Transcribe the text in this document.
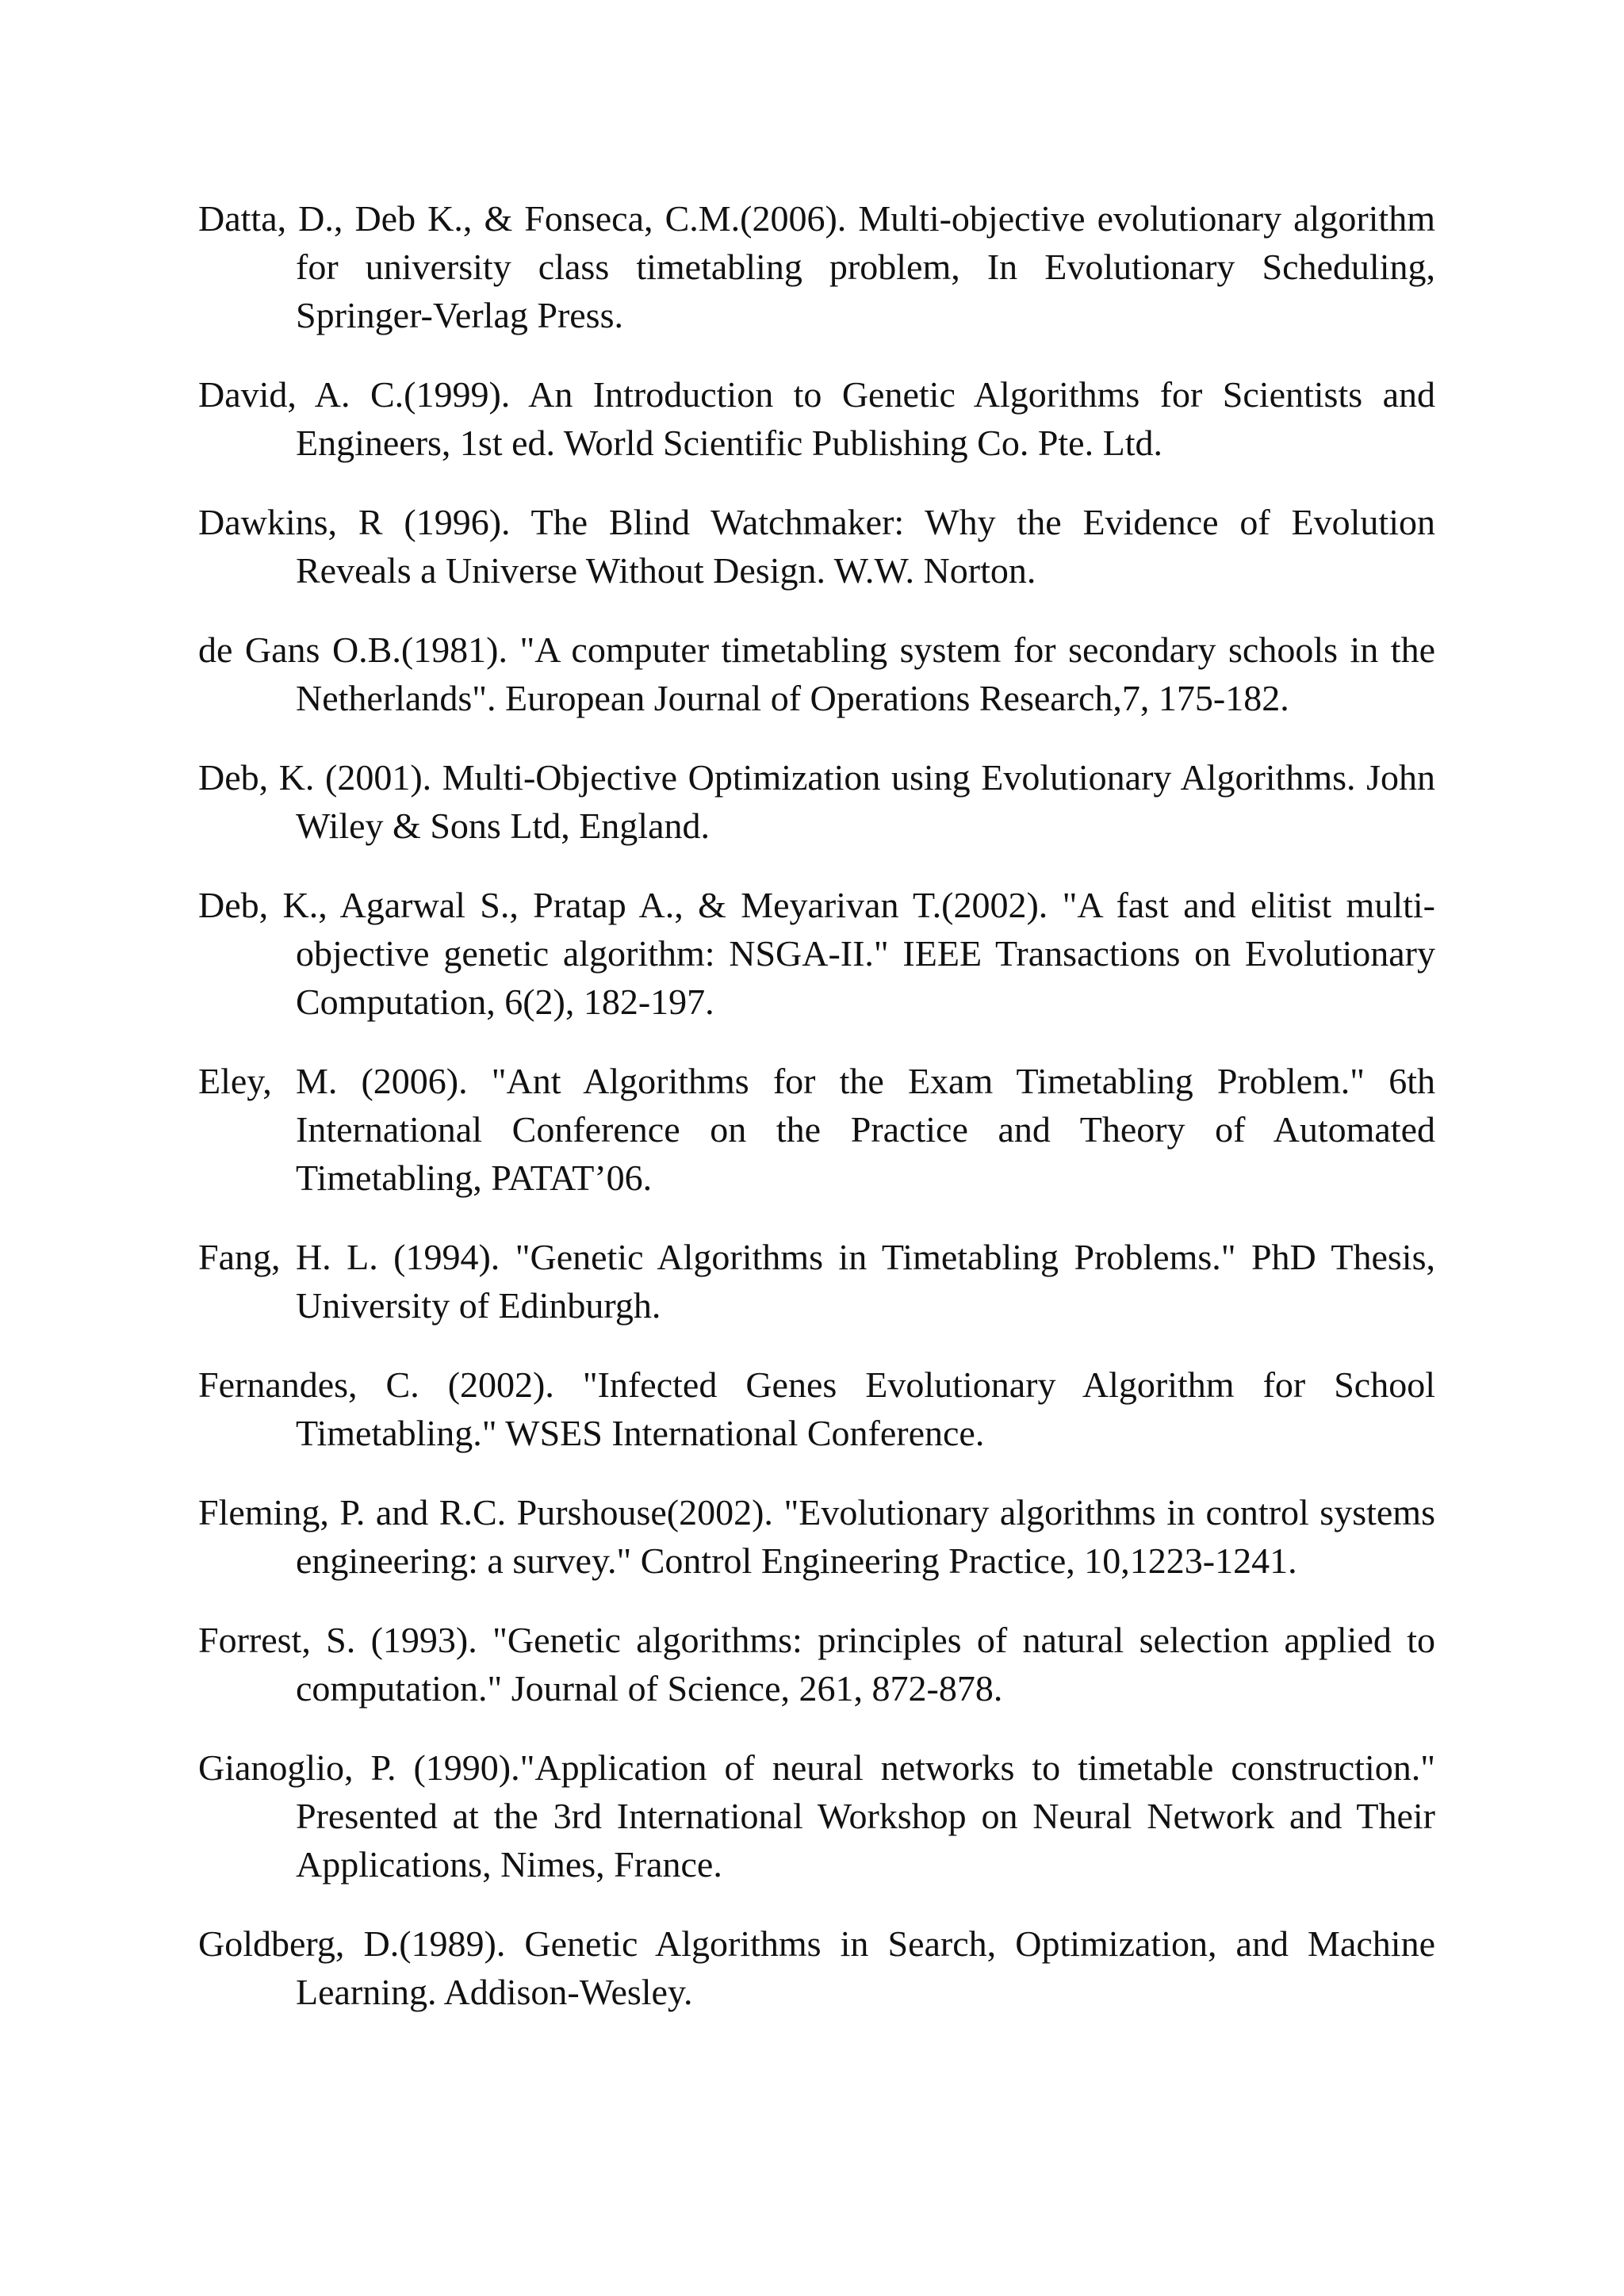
Datta, D., Deb K., & Fonseca, C.M.(2006). Multi-objective evolutionary algorithm for university class timetabling problem, In Evolutionary Scheduling, Springer-Verlag Press.

David, A. C.(1999). An Introduction to Genetic Algorithms for Scientists and Engineers, 1st ed. World Scientific Publishing Co. Pte. Ltd.

Dawkins, R (1996). The Blind Watchmaker: Why the Evidence of Evolution Reveals a Universe Without Design. W.W. Norton.

de Gans O.B.(1981). "A computer timetabling system for secondary schools in the Netherlands". European Journal of Operations Research,7, 175-182.

Deb, K. (2001). Multi-Objective Optimization using Evolutionary Algorithms. John Wiley & Sons Ltd, England.

Deb, K., Agarwal S., Pratap A., & Meyarivan T.(2002). "A fast and elitist multi-objective genetic algorithm: NSGA-II." IEEE Transactions on Evolutionary Computation, 6(2), 182-197.

Eley, M. (2006). "Ant Algorithms for the Exam Timetabling Problem." 6th International Conference on the Practice and Theory of Automated Timetabling, PATAT’06.

Fang, H. L. (1994). "Genetic Algorithms in Timetabling Problems." PhD Thesis, University of Edinburgh.

Fernandes, C. (2002). "Infected Genes Evolutionary Algorithm for School Timetabling." WSES International Conference.

Fleming, P. and R.C. Purshouse(2002). "Evolutionary algorithms in control systems engineering: a survey." Control Engineering Practice, 10,1223-1241.

Forrest, S. (1993). "Genetic algorithms: principles of natural selection applied to computation." Journal of Science, 261, 872-878.

Gianoglio, P. (1990)."Application of neural networks to timetable construction." Presented at the 3rd International Workshop on Neural Network and Their Applications, Nimes, France.

Goldberg, D.(1989). Genetic Algorithms in Search, Optimization, and Machine Learning. Addison-Wesley.
